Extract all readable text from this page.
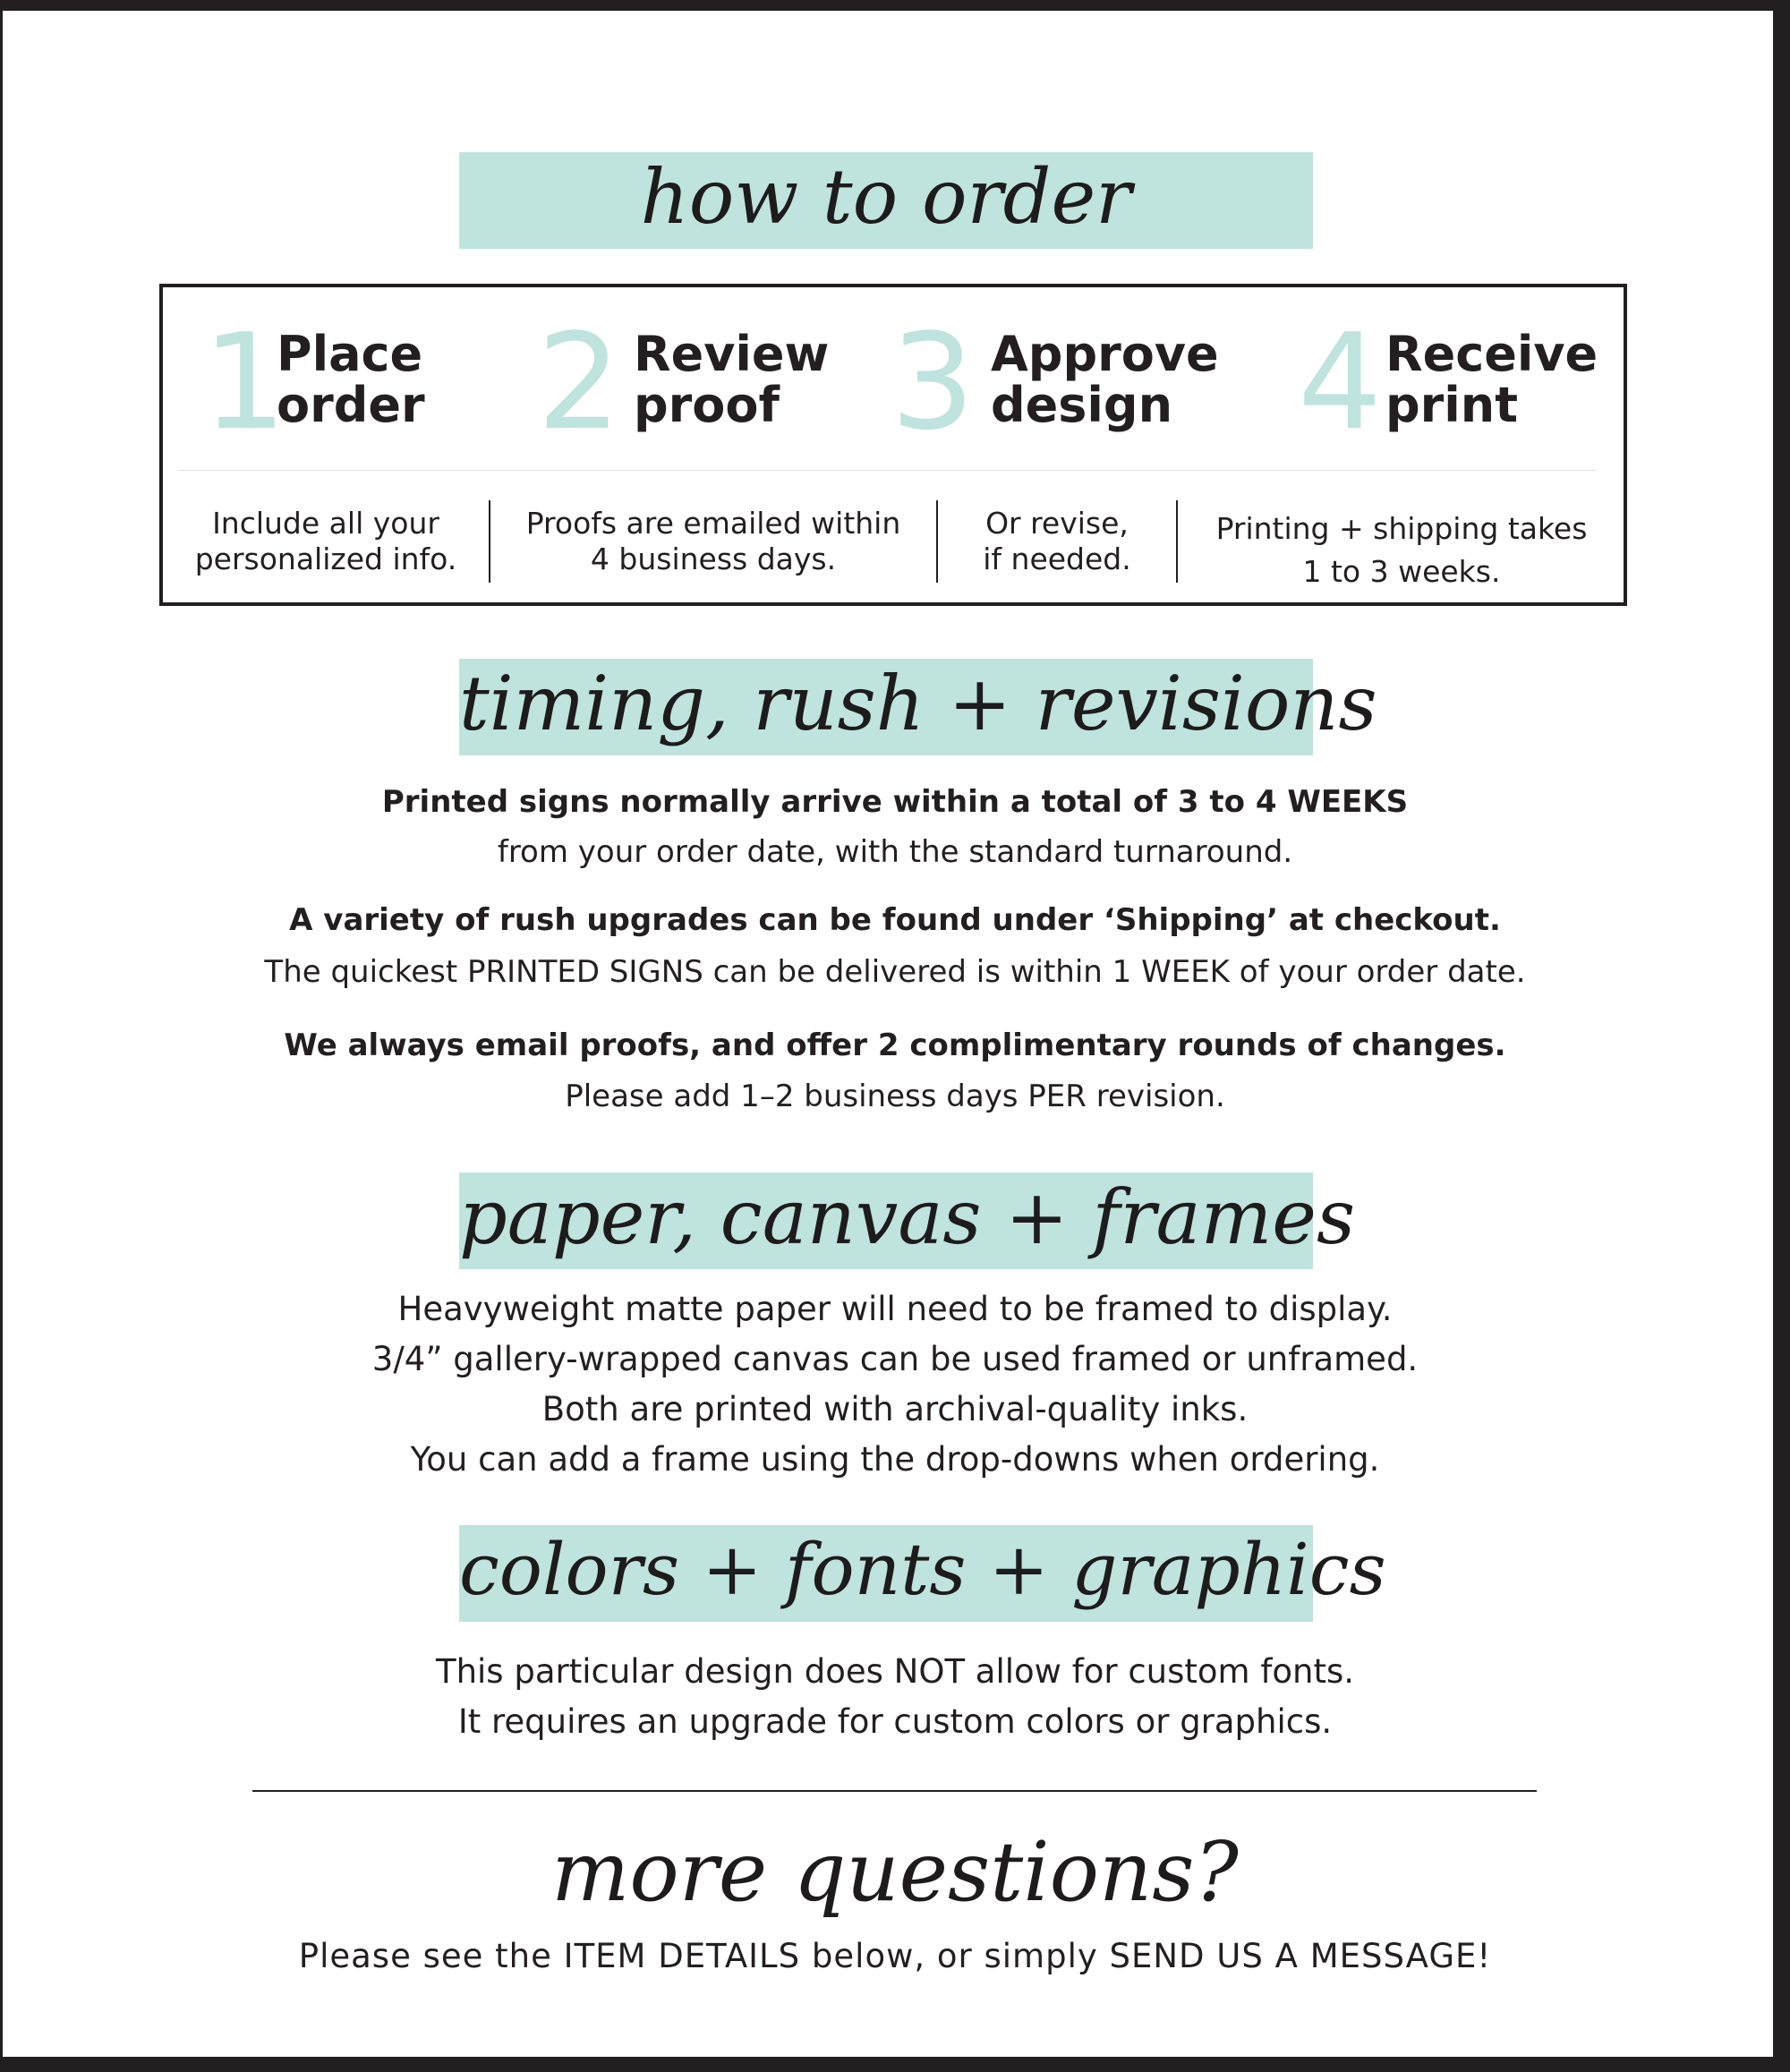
how to order
1
Place
order 2 Review
proof 3 Approve
design 4 Receive
print
Include all your
personalized info.
Proofs are emailed within
4 business days.
Or revise,
if needed.
Printing + shipping takes
1 to 3 weeks.
timing, rush + revisions
Printed signs normally arrive within a total of 3 to 4 WEEKS
from your order date, with the standard turnaround.
A variety of rush upgrades can be found under ‘Shipping’ at checkout.
The quickest PRINTED SIGNS can be delivered is within 1 WEEK of your order date.
We always email proofs, and offer 2 complimentary rounds of changes.
Please add 1–2 business days PER revision.
paper, canvas + frames
Heavyweight matte paper will need to be framed to display.
3/4” gallery-wrapped canvas can be used framed or unframed.
Both are printed with archival-quality inks.
You can add a frame using the drop-downs when ordering.
colors + fonts + graphics
This particular design does NOT allow for custom fonts.
It requires an upgrade for custom colors or graphics.
more questions?
Please see the ITEM DETAILS below, or simply SEND US A MESSAGE!
